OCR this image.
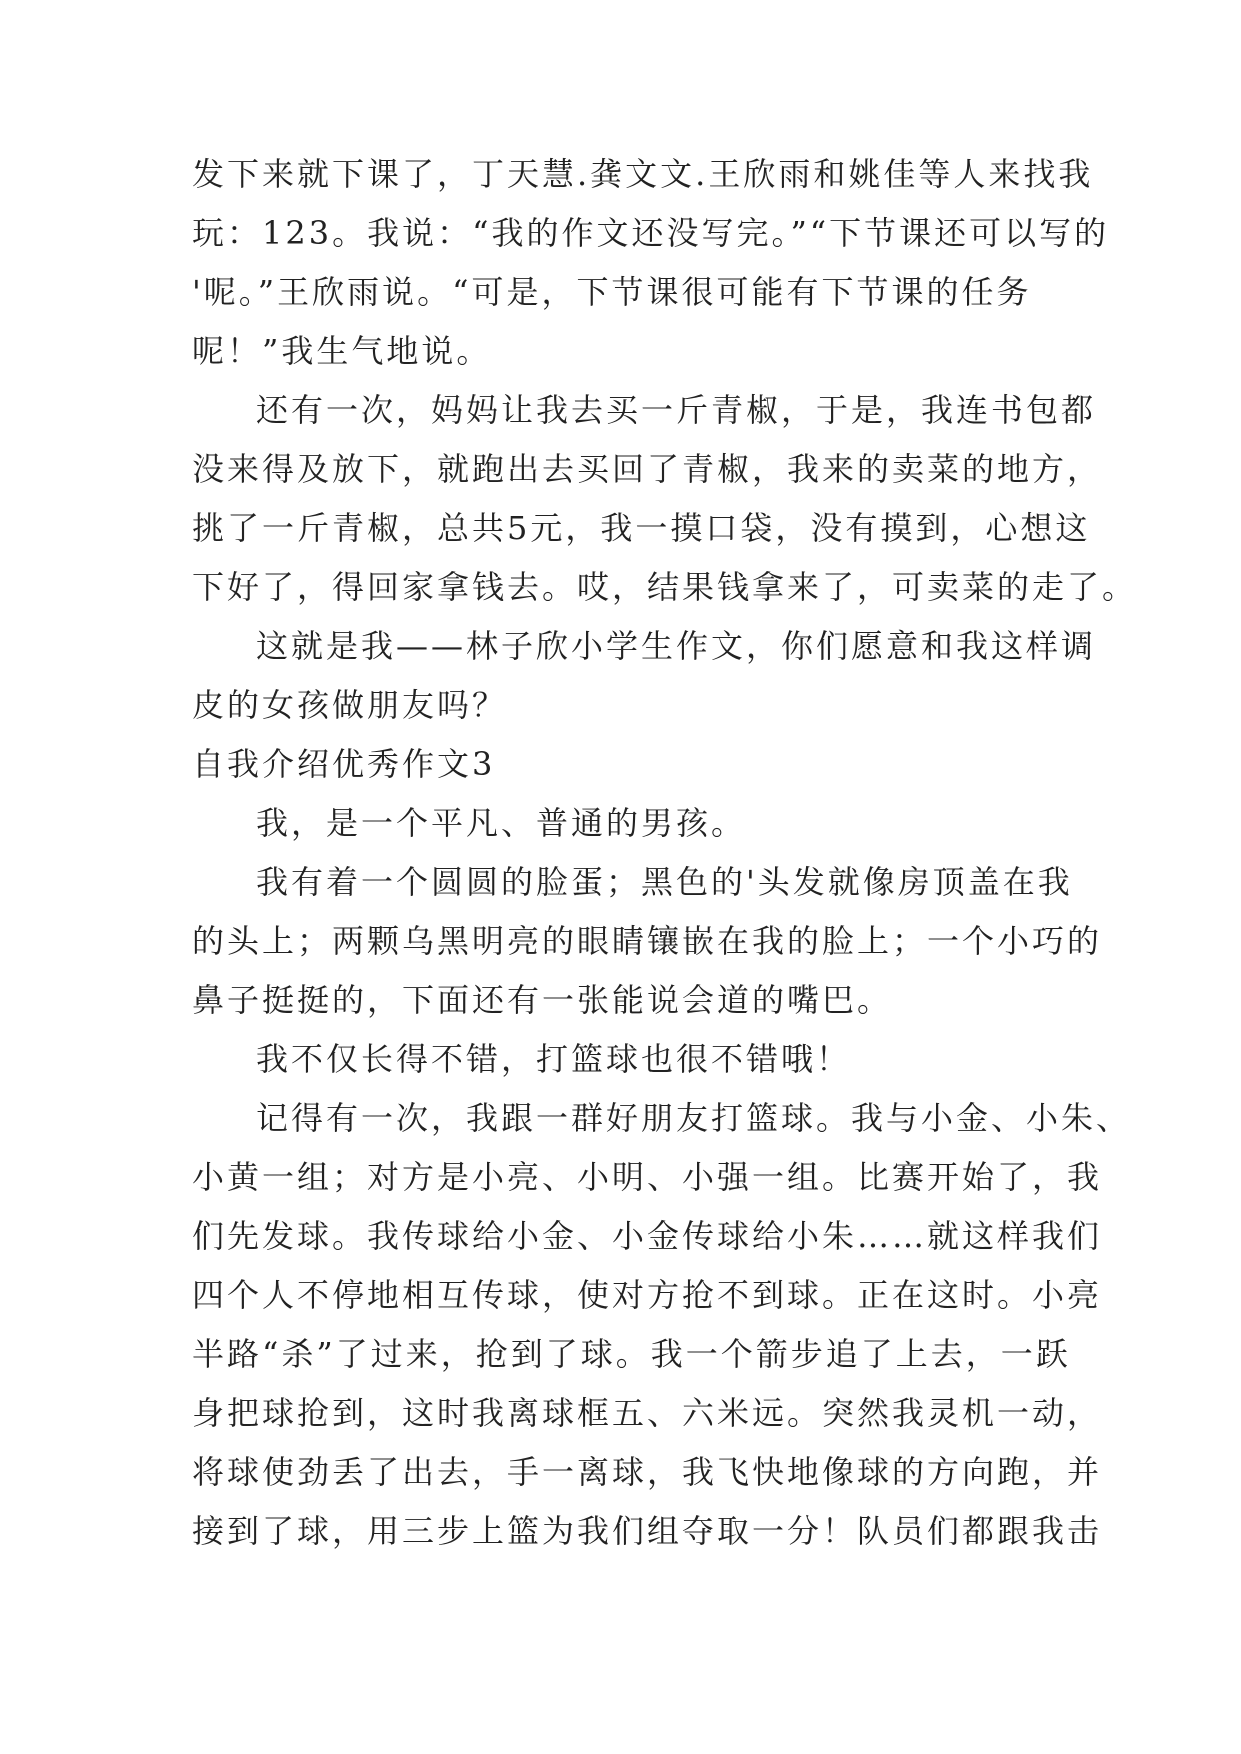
发下来就下课了，丁天慧.龚文文.王欣雨和姚佳等人来找我
玩：123。我说：“我的作文还没写完。”“下节课还可以写的
'呢。”王欣雨说。“可是，下节课很可能有下节课的任务
呢！”我生气地说。
还有一次，妈妈让我去买一斤青椒，于是，我连书包都
没来得及放下，就跑出去买回了青椒，我来的卖菜的地方，
挑了一斤青椒，总共5元，我一摸口袋，没有摸到，心想这
下好了，得回家拿钱去。哎，结果钱拿来了，可卖菜的走了。
这就是我——林子欣小学生作文，你们愿意和我这样调
皮的女孩做朋友吗？
自我介绍优秀作文3
我，是一个平凡、普通的男孩。
我有着一个圆圆的脸蛋；黑色的'头发就像房顶盖在我
的头上；两颗乌黑明亮的眼睛镶嵌在我的脸上；一个小巧的
鼻子挺挺的，下面还有一张能说会道的嘴巴。
我不仅长得不错，打篮球也很不错哦！
记得有一次，我跟一群好朋友打篮球。我与小金、小朱、
小黄一组；对方是小亮、小明、小强一组。比赛开始了，我
们先发球。我传球给小金、小金传球给小朱……就这样我们
四个人不停地相互传球，使对方抢不到球。正在这时。小亮
半路“杀”了过来，抢到了球。我一个箭步追了上去，一跃
身把球抢到，这时我离球框五、六米远。突然我灵机一动，
将球使劲丢了出去，手一离球，我飞快地像球的方向跑，并
接到了球，用三步上篮为我们组夺取一分！队员们都跟我击
